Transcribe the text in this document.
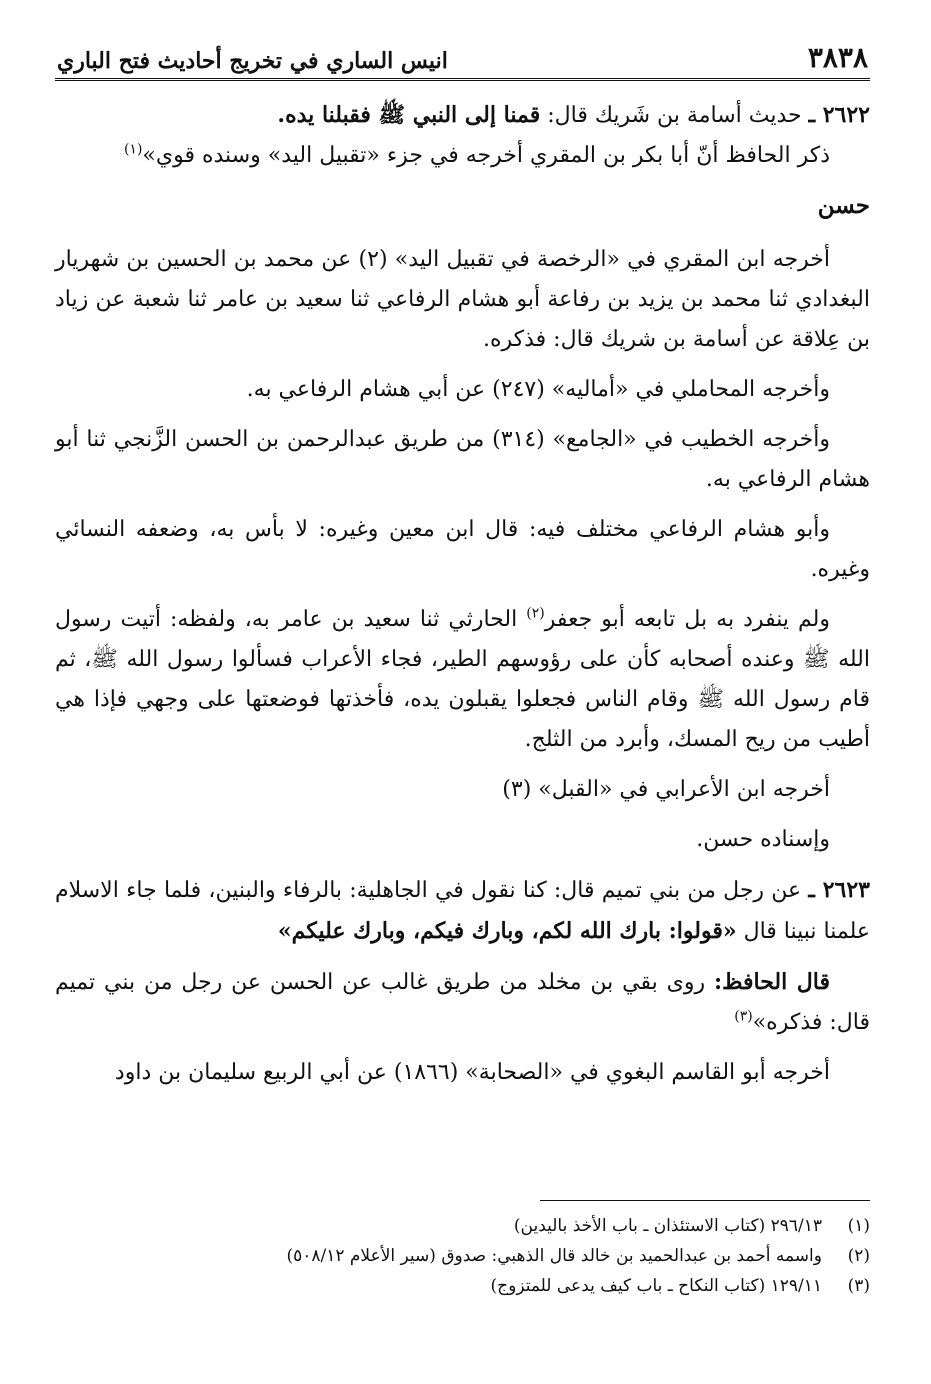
٣٨٣٨
انيس الساري في تخريج أحاديث فتح الباري

٢٦٢٢ ـ حديث أسامة بن شَريك قال: قمنا إلى النبي ﷺ فقبلنا يده.

ذكر الحافظ أنّ أبا بكر بن المقري أخرجه في جزء «تقبيل اليد» وسنده قوي»$^{(١)}$

حسن

أخرجه ابن المقري في «الرخصة في تقبيل اليد» (٢) عن محمد بن الحسين بن شهريار البغدادي ثنا محمد بن يزيد بن رفاعة أبو هشام الرفاعي ثنا سعيد بن عامر ثنا شعبة عن زياد بن عِلاقة عن أسامة بن شريك قال: فذكره.

وأخرجه المحاملي في «أماليه» (٢٤٧) عن أبي هشام الرفاعي به.

وأخرجه الخطيب في «الجامع» (٣١٤) من طريق عبدالرحمن بن الحسن الزَّنجي ثنا أبو هشام الرفاعي به.

وأبو هشام الرفاعي مختلف فيه: قال ابن معين وغيره: لا بأس به، وضعفه النسائي وغيره.

ولم ينفرد به بل تابعه أبو جعفر$^{(٢)}$ الحارثي ثنا سعيد بن عامر به، ولفظه: أتيت رسول الله ﷺ وعنده أصحابه كأن على رؤوسهم الطير، فجاء الأعراب فسألوا رسول الله ﷺ، ثم قام رسول الله ﷺ وقام الناس فجعلوا يقبلون يده، فأخذتها فوضعتها على وجهي فإذا هي أطيب من ريح المسك، وأبرد من الثلج.

أخرجه ابن الأعرابي في «القبل» (٣)

وإسناده حسن.

٢٦٢٣ ـ عن رجل من بني تميم قال: كنا نقول في الجاهلية: بالرفاء والبنين، فلما جاء الاسلام علمنا نبينا قال «قولوا: بارك الله لكم، وبارك فيكم، وبارك عليكم»

قال الحافظ: روى بقي بن مخلد من طريق غالب عن الحسن عن رجل من بني تميم قال: فذكره»$^{(٣)}$

أخرجه أبو القاسم البغوي في «الصحابة» (١٨٦٦) عن أبي الربيع سليمان بن داود

(١)
٢٩٦/١٣ (كتاب الاستئذان ـ باب الأخذ باليدين)
(٢)
واسمه أحمد بن عبدالحميد بن خالد قال الذهبي: صدوق (سير الأعلام ٥٠٨/١٢)
(٣)
١٢٩/١١ (كتاب النكاح ـ باب كيف يدعى للمتزوج)
